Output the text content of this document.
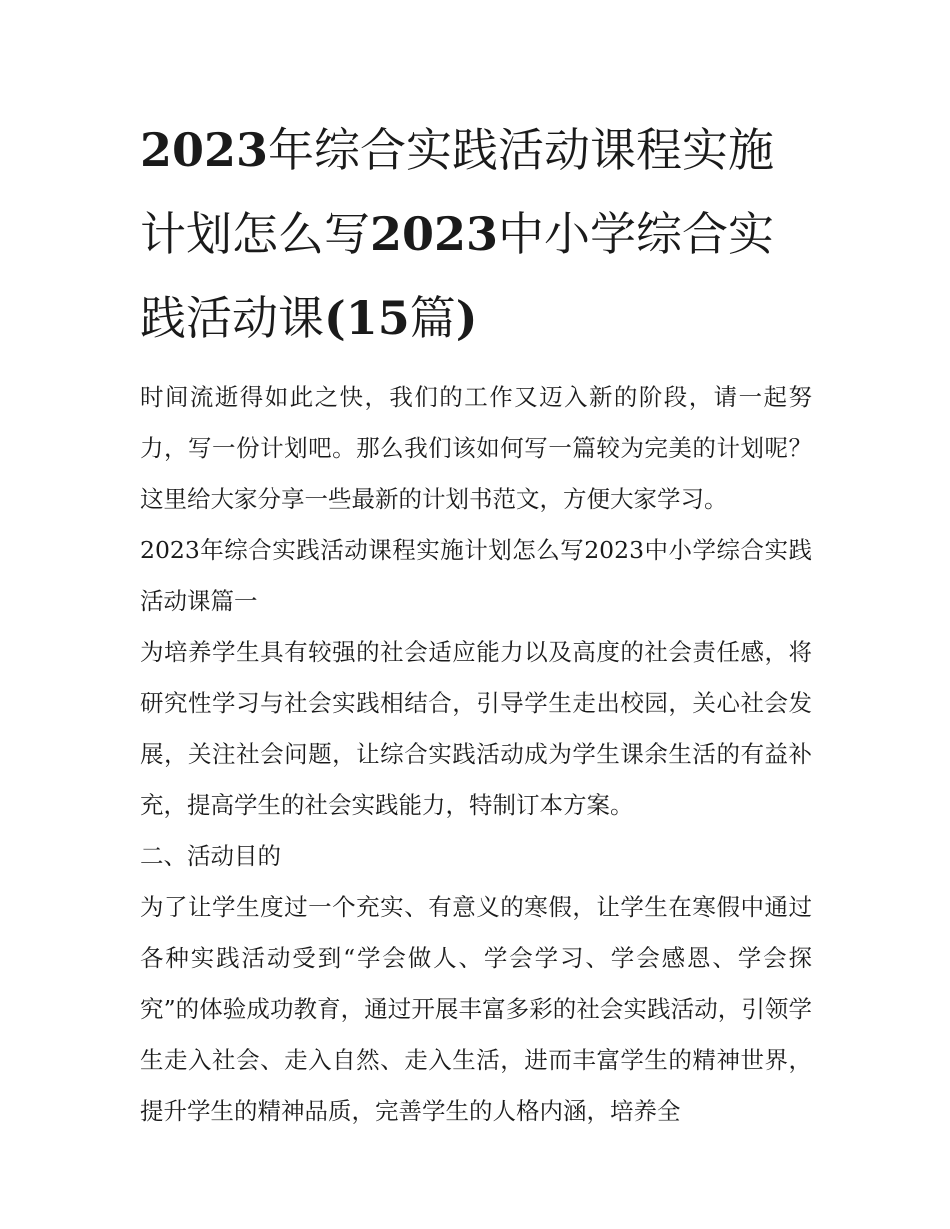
2023年综合实践活动课程实施计划怎么写2023中小学综合实践活动课(15篇)

时间流逝得如此之快，我们的工作又迈入新的阶段，请一起努力，写一份计划吧。那么我们该如何写一篇较为完美的计划呢？这里给大家分享一些最新的计划书范文，方便大家学习。

2023年综合实践活动课程实施计划怎么写2023中小学综合实践活动课篇一

为培养学生具有较强的社会适应能力以及高度的社会责任感，将研究性学习与社会实践相结合，引导学生走出校园，关心社会发展，关注社会问题，让综合实践活动成为学生课余生活的有益补充，提高学生的社会实践能力，特制订本方案。

二、活动目的

为了让学生度过一个充实、有意义的寒假，让学生在寒假中通过各种实践活动受到“学会做人、学会学习、学会感恩、学会探究”的体验成功教育，通过开展丰富多彩的社会实践活动，引领学生走入社会、走入自然、走入生活，进而丰富学生的精神世界，提升学生的精神品质，完善学生的人格内涵，培养全
